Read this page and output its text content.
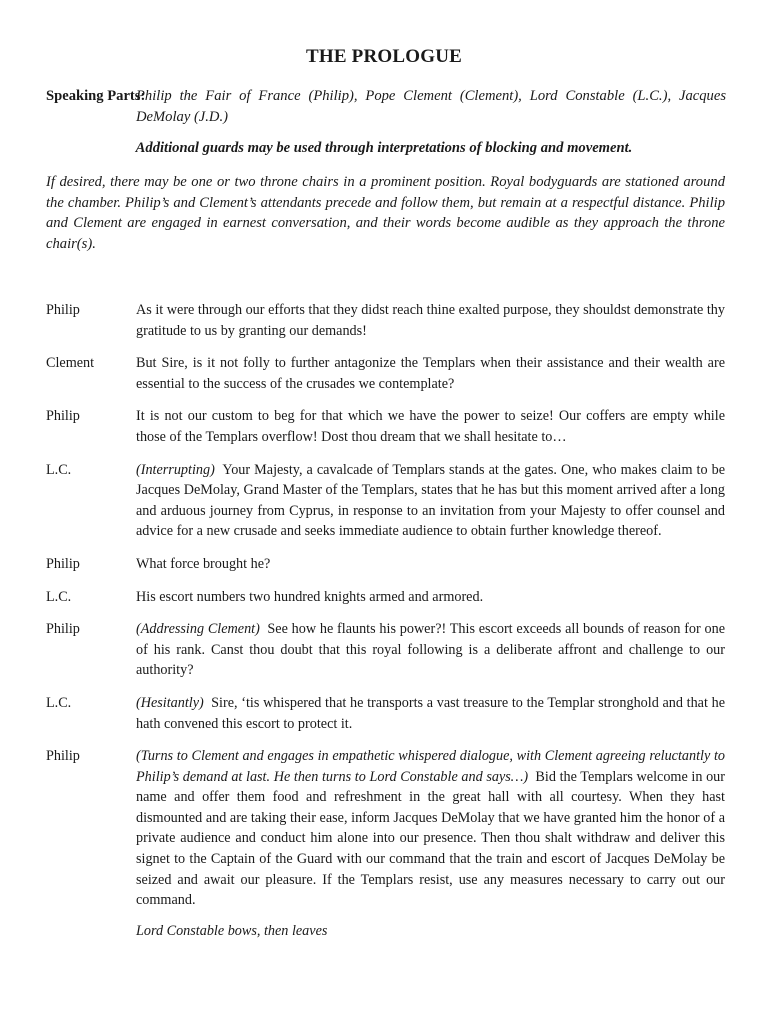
THE PROLOGUE
Speaking Parts:
Philip the Fair of France (Philip), Pope Clement (Clement), Lord Constable (L.C.), Jacques DeMolay (J.D.)
Additional guards may be used through interpretations of blocking and movement.
If desired, there may be one or two throne chairs in a prominent position. Royal bodyguards are stationed around the chamber. Philip’s and Clement’s attendants precede and follow them, but remain at a respectful distance. Philip and Clement are engaged in earnest conversation, and their words become audible as they approach the throne chair(s).
Philip	As it were through our efforts that they didst reach thine exalted purpose, they shouldst demonstrate thy gratitude to us by granting our demands!
Clement	But Sire, is it not folly to further antagonize the Templars when their assistance and their wealth are essential to the success of the crusades we contemplate?
Philip	It is not our custom to beg for that which we have the power to seize! Our coffers are empty while those of the Templars overflow! Dost thou dream that we shall hesitate to…
L.C.	(Interrupting) Your Majesty, a cavalcade of Templars stands at the gates. One, who makes claim to be Jacques DeMolay, Grand Master of the Templars, states that he has but this moment arrived after a long and arduous journey from Cyprus, in response to an invitation from your Majesty to offer counsel and advice for a new crusade and seeks immediate audience to obtain further knowledge thereof.
Philip	What force brought he?
L.C.	His escort numbers two hundred knights armed and armored.
Philip	(Addressing Clement) See how he flaunts his power?! This escort exceeds all bounds of reason for one of his rank. Canst thou doubt that this royal following is a deliberate affront and challenge to our authority?
L.C.	(Hesitantly) Sire, ‘tis whispered that he transports a vast treasure to the Templar stronghold and that he hath convened this escort to protect it.
Philip	(Turns to Clement and engages in empathetic whispered dialogue, with Clement agreeing reluctantly to Philip’s demand at last. He then turns to Lord Constable and says…) Bid the Templars welcome in our name and offer them food and refreshment in the great hall with all courtesy. When they hast dismounted and are taking their ease, inform Jacques DeMolay that we have granted him the honor of a private audience and conduct him alone into our presence. Then thou shalt withdraw and deliver this signet to the Captain of the Guard with our command that the train and escort of Jacques DeMolay be seized and await our pleasure. If the Templars resist, use any measures necessary to carry out our command.
Lord Constable bows, then leaves
